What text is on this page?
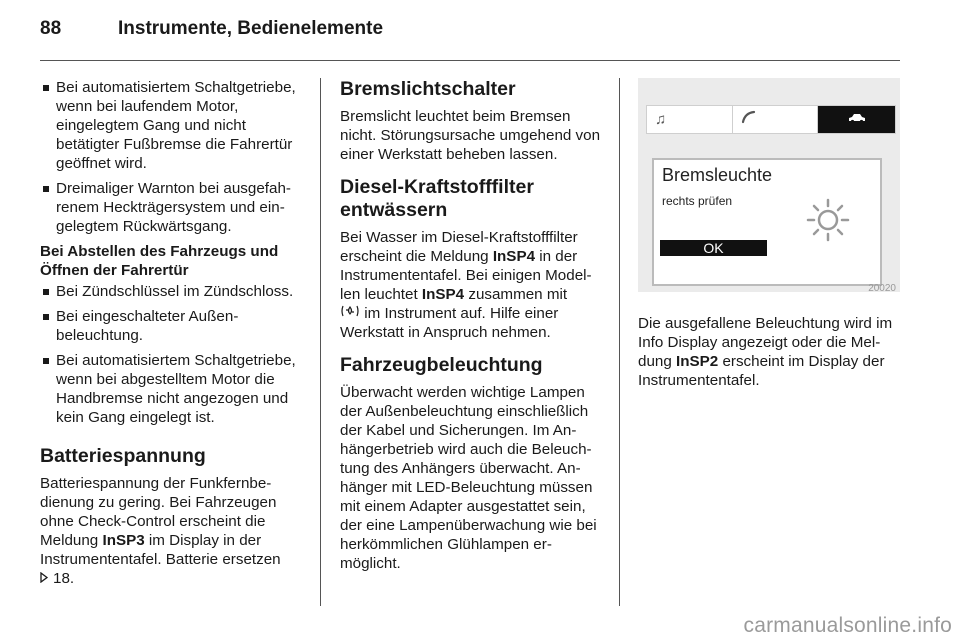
88	Instrumente, Bedienelemente
Bei automatisiertem Schaltgetriebe, wenn bei laufendem Motor, eingelegtem Gang und nicht betätigter Fußbremse die Fahrertür geöffnet wird.
Dreimaliger Warnton bei ausgefahrenem Heckträgersystem und eingelegtem Rückwärtsgang.
Bei Abstellen des Fahrzeugs und Öffnen der Fahrertür
Bei Zündschlüssel im Zündschloss.
Bei eingeschalteter Außenbeleuchtung.
Bei automatisiertem Schaltgetriebe, wenn bei abgestelltem Motor die Handbremse nicht angezogen und kein Gang eingelegt ist.
Batteriespannung

Batteriespannung der Funkfernbedienung zu gering. Bei Fahrzeugen ohne Check-Control erscheint die Meldung InSP3 im Display in der Instrumententafel. Batterie ersetzen
18.

Bremslichtschalter

Bremslicht leuchtet beim Bremsen nicht. Störungsursache umgehend von einer Werkstatt beheben lassen.

Diesel-Kraftstofffilter entwässern

Bei Wasser im Diesel-Kraftstofffilter erscheint die Meldung InSP4 in der Instrumententafel. Bei einigen Modellen leuchtet InSP4 zusammen mit
im Instrument auf. Hilfe einer Werkstatt in Anspruch nehmen.

Fahrzeugbeleuchtung

Überwacht werden wichtige Lampen der Außenbeleuchtung einschließlich der Kabel und Sicherungen. Im Anhängerbetrieb wird auch die Beleuchtung des Anhängers überwacht. Anhänger mit LED-Beleuchtung müssen mit einem Adapter ausgestattet sein, der eine Lampenüberwachung wie bei herkömmlichen Glühlampen ermöglicht.

♫
Bremsleuchte
rechts prüfen
OK
20020

Die ausgefallene Beleuchtung wird im Info Display angezeigt oder die Meldung InSP2 erscheint im Display der Instrumententafel.

carmanualsonline.info
